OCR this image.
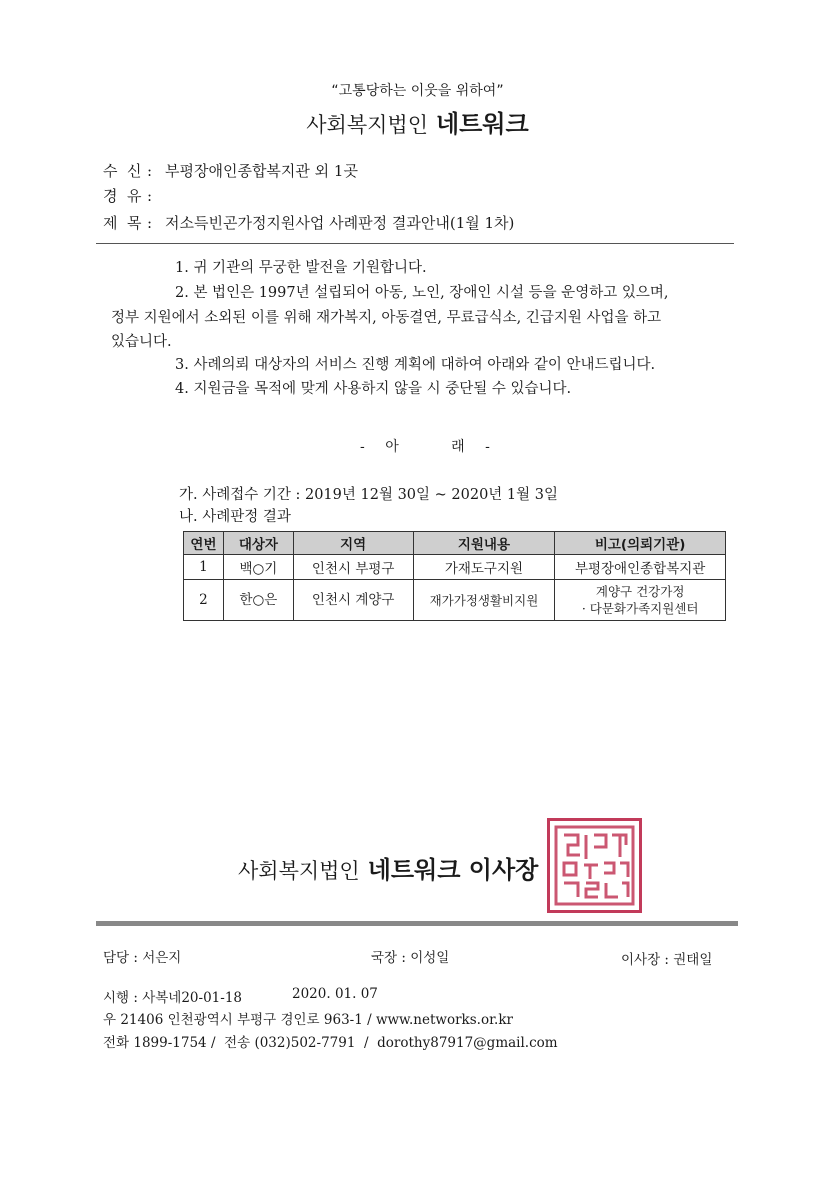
“고통당하는 이웃을 위하여”
사회복지법인 네트워크
수  신 : 부평장애인종합복지관 외 1곳
경  유 :
제  목 : 저소득빈곤가정지원사업 사례판정 결과안내(1월 1차)
1. 귀 기관의 무궁한 발전을 기원합니다.
2. 본 법인은 1997년 설립되어 아동, 노인, 장애인 시설 등을 운영하고 있으며,
정부 지원에서 소외된 이를 위해 재가복지, 아동결연, 무료급식소, 긴급지원 사업을 하고
있습니다.
3. 사례의뢰 대상자의 서비스 진행 계획에 대하여 아래와 같이 안내드립니다.
4. 지원금을 목적에 맞게 사용하지 않을 시 중단될 수 있습니다.
- 아	래 -
가. 사례접수 기간 : 2019년 12월 30일 ~ 2020년 1월 3일
나. 사례판정 결과
연번	대상자	지역	지원내용	비고(의뢰기관)
1	백○기	인천시 부평구	가재도구지원	부평장애인종합복지관
2	한○은	인천시 계양구	재가가정생활비지원	계양구 건강가정
· 다문화가족지원센터
사회복지법인 네트워크 이사장
담당 : 서은지	국장 : 이성일	이사장 : 권태일
시행 : 사복네20-01-18	2020. 01. 07
우 21406 인천광역시 부평구 경인로 963-1 / www.networks.or.kr
전화 1899-1754 /  전송 (032)502-7791  /  dorothy87917@gmail.com
